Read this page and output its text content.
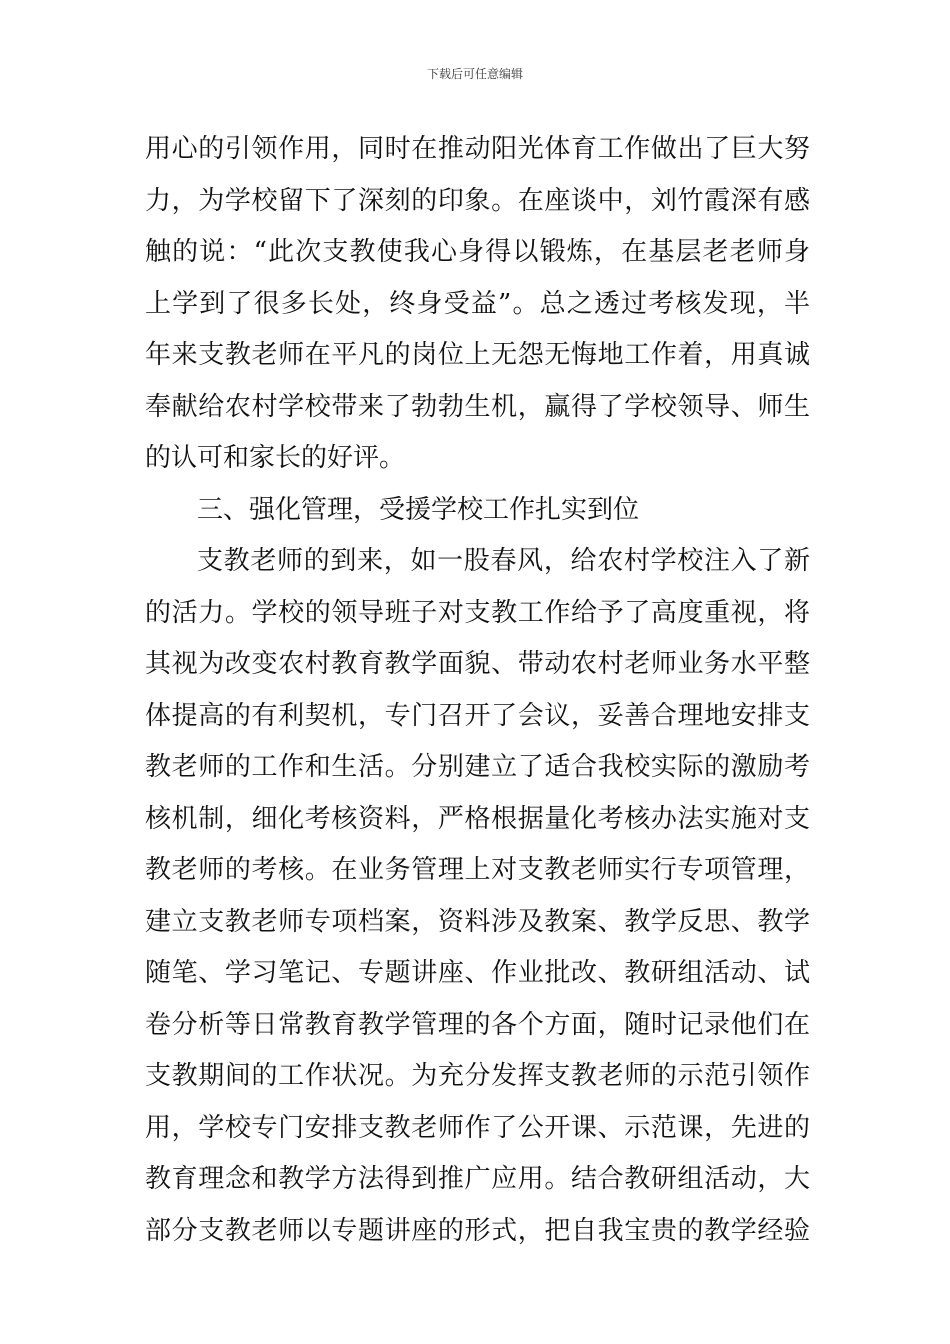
下载后可任意编辑
用心的引领作用，同时在推动阳光体育工作做出了巨大努
力，为学校留下了深刻的印象。在座谈中，刘竹霞深有感
触的说：“此次支教使我心身得以锻炼，在基层老老师身
上学到了很多长处，终身受益”。总之透过考核发现，半
年来支教老师在平凡的岗位上无怨无悔地工作着，用真诚
奉献给农村学校带来了勃勃生机，赢得了学校领导、师生
的认可和家长的好评。
三、强化管理，受援学校工作扎实到位
支教老师的到来，如一股春风，给农村学校注入了新
的活力。学校的领导班子对支教工作给予了高度重视，将
其视为改变农村教育教学面貌、带动农村老师业务水平整
体提高的有利契机，专门召开了会议，妥善合理地安排支
教老师的工作和生活。分别建立了适合我校实际的激励考
核机制，细化考核资料，严格根据量化考核办法实施对支
教老师的考核。在业务管理上对支教老师实行专项管理，
建立支教老师专项档案，资料涉及教案、教学反思、教学
随笔、学习笔记、专题讲座、作业批改、教研组活动、试
卷分析等日常教育教学管理的各个方面，随时记录他们在
支教期间的工作状况。为充分发挥支教老师的示范引领作
用，学校专门安排支教老师作了公开课、示范课，先进的
教育理念和教学方法得到推广应用。结合教研组活动，大
部分支教老师以专题讲座的形式，把自我宝贵的教学经验
